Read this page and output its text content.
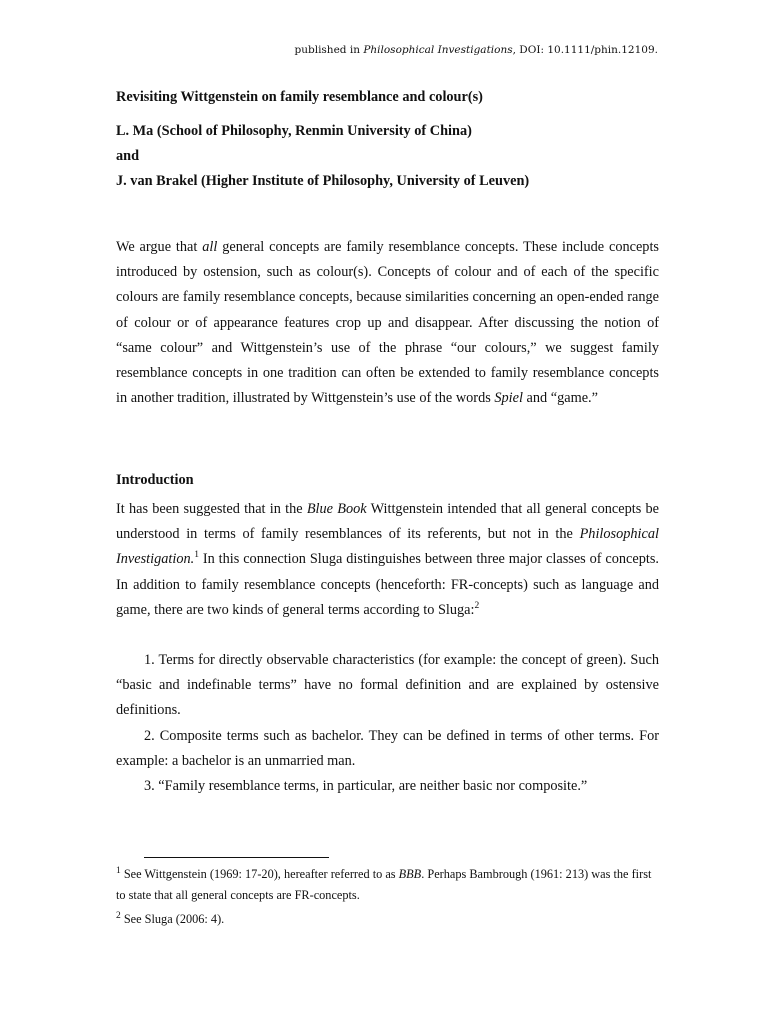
published in Philosophical Investigations, DOI: 10.1111/phin.12109.
Revisiting Wittgenstein on family resemblance and colour(s)
L. Ma (School of Philosophy, Renmin University of China)
and
J. van Brakel (Higher Institute of Philosophy, University of Leuven)
We argue that all general concepts are family resemblance concepts. These include concepts introduced by ostension, such as colour(s). Concepts of colour and of each of the specific colours are family resemblance concepts, because similarities concerning an open-ended range of colour or of appearance features crop up and disappear. After discussing the notion of “same colour” and Wittgenstein’s use of the phrase “our colours,” we suggest family resemblance concepts in one tradition can often be extended to family resemblance concepts in another tradition, illustrated by Wittgenstein’s use of the words Spiel and “game.”
Introduction
It has been suggested that in the Blue Book Wittgenstein intended that all general concepts be understood in terms of family resemblances of its referents, but not in the Philosophical Investigation.$^1$ In this connection Sluga distinguishes between three major classes of concepts. In addition to family resemblance concepts (henceforth: FR-concepts) such as language and game, there are two kinds of general terms according to Sluga:$^2$
1. Terms for directly observable characteristics (for example: the concept of green). Such “basic and indefinable terms” have no formal definition and are explained by ostensive definitions.
2. Composite terms such as bachelor. They can be defined in terms of other terms. For example: a bachelor is an unmarried man.
3. “Family resemblance terms, in particular, are neither basic nor composite.”
$^1$ See Wittgenstein (1969: 17-20), hereafter referred to as BBB. Perhaps Bambrough (1961: 213) was the first to state that all general concepts are FR-concepts.
$^2$ See Sluga (2006: 4).
